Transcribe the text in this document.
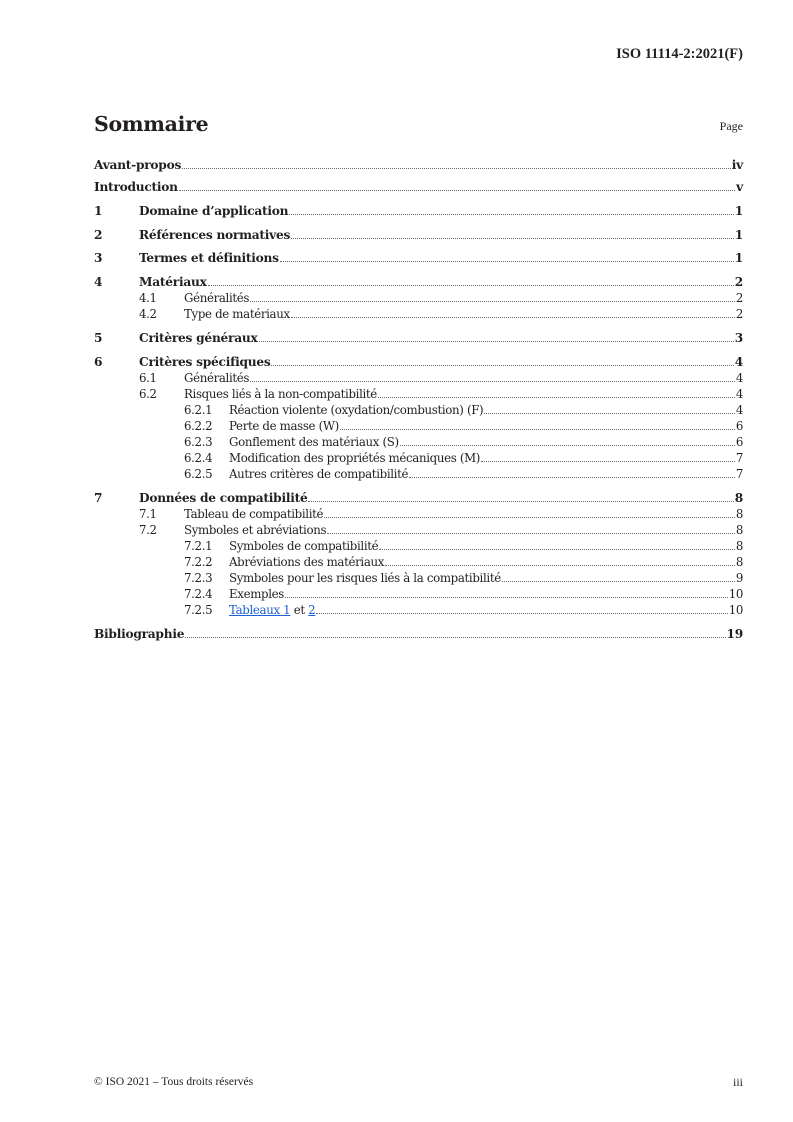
ISO 11114-2:2021(F)
Sommaire	Page
Avant-propos	iv
Introduction	v
1	Domaine d’application	1
2	Références normatives	1
3	Termes et définitions	1
4	Matériaux	2
4.1	Généralités	2
4.2	Type de matériaux	2
5	Critères généraux	3
6	Critères spécifiques	4
6.1	Généralités	4
6.2	Risques liés à la non-compatibilité	4
6.2.1	Réaction violente (oxydation/combustion) (F)	4
6.2.2	Perte de masse (W)	6
6.2.3	Gonflement des matériaux (S)	6
6.2.4	Modification des propriétés mécaniques (M)	7
6.2.5	Autres critères de compatibilité	7
7	Données de compatibilité	8
7.1	Tableau de compatibilité	8
7.2	Symboles et abréviations	8
7.2.1	Symboles de compatibilité	8
7.2.2	Abréviations des matériaux	8
7.2.3	Symboles pour les risques liés à la compatibilité	9
7.2.4	Exemples	10
7.2.5	Tableaux 1 et 2	10
Bibliographie	19
© ISO 2021 – Tous droits réservés	iii
